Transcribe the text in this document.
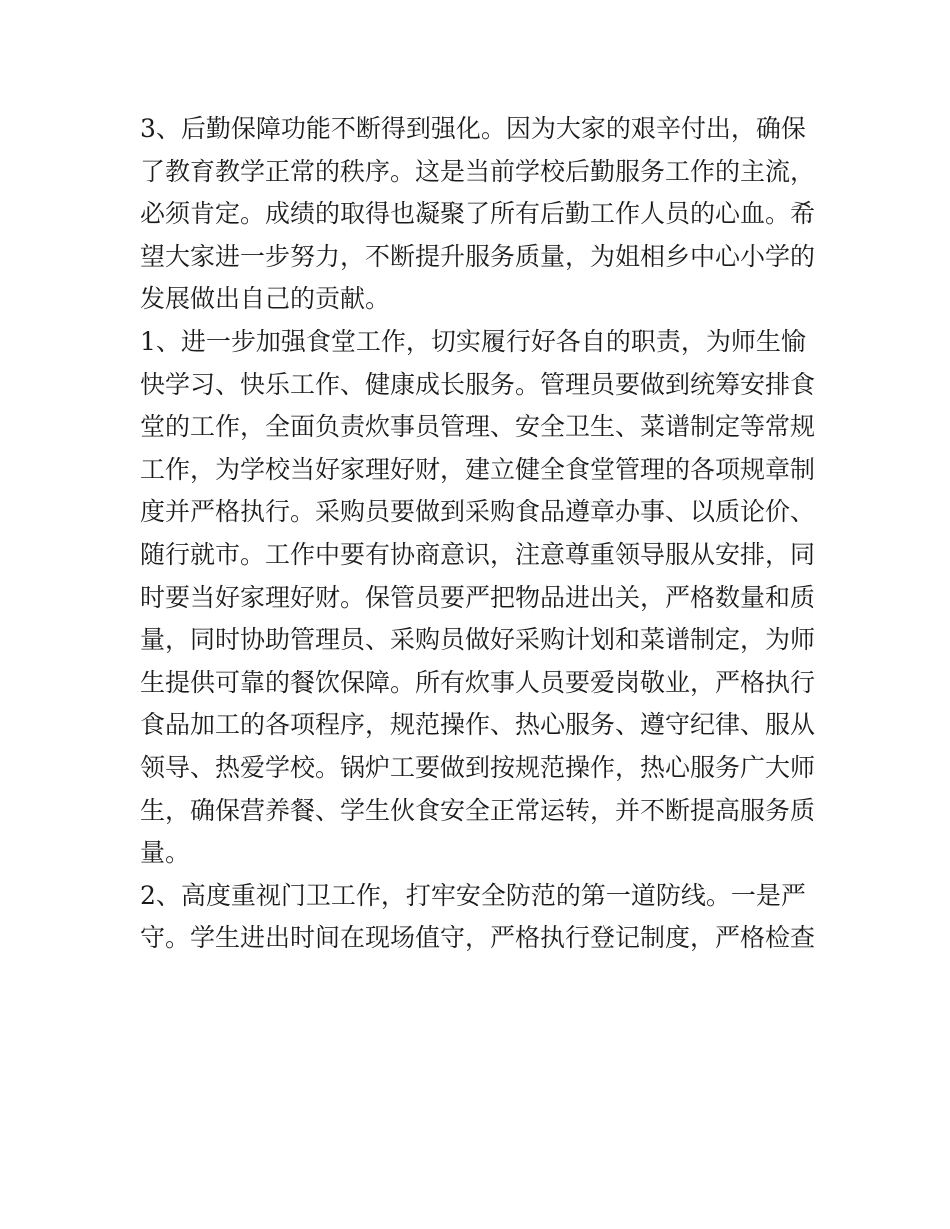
3、后勤保障功能不断得到强化。因为大家的艰辛付出，确保
了教育教学正常的秩序。这是当前学校后勤服务工作的主流，
必须肯定。成绩的取得也凝聚了所有后勤工作人员的心血。希
望大家进一步努力，不断提升服务质量，为姐相乡中心小学的
发展做出自己的贡献。
1、进一步加强食堂工作，切实履行好各自的职责，为师生愉
快学习、快乐工作、健康成长服务。管理员要做到统筹安排食
堂的工作，全面负责炊事员管理、安全卫生、菜谱制定等常规
工作，为学校当好家理好财，建立健全食堂管理的各项规章制
度并严格执行。采购员要做到采购食品遵章办事、以质论价、
随行就市。工作中要有协商意识，注意尊重领导服从安排，同
时要当好家理好财。保管员要严把物品进出关，严格数量和质
量，同时协助管理员、采购员做好采购计划和菜谱制定，为师
生提供可靠的餐饮保障。所有炊事人员要爱岗敬业，严格执行
食品加工的各项程序，规范操作、热心服务、遵守纪律、服从
领导、热爱学校。锅炉工要做到按规范操作，热心服务广大师
生，确保营养餐、学生伙食安全正常运转，并不断提高服务质
量。
2、高度重视门卫工作，打牢安全防范的第一道防线。一是严
守。学生进出时间在现场值守，严格执行登记制度，严格检查
